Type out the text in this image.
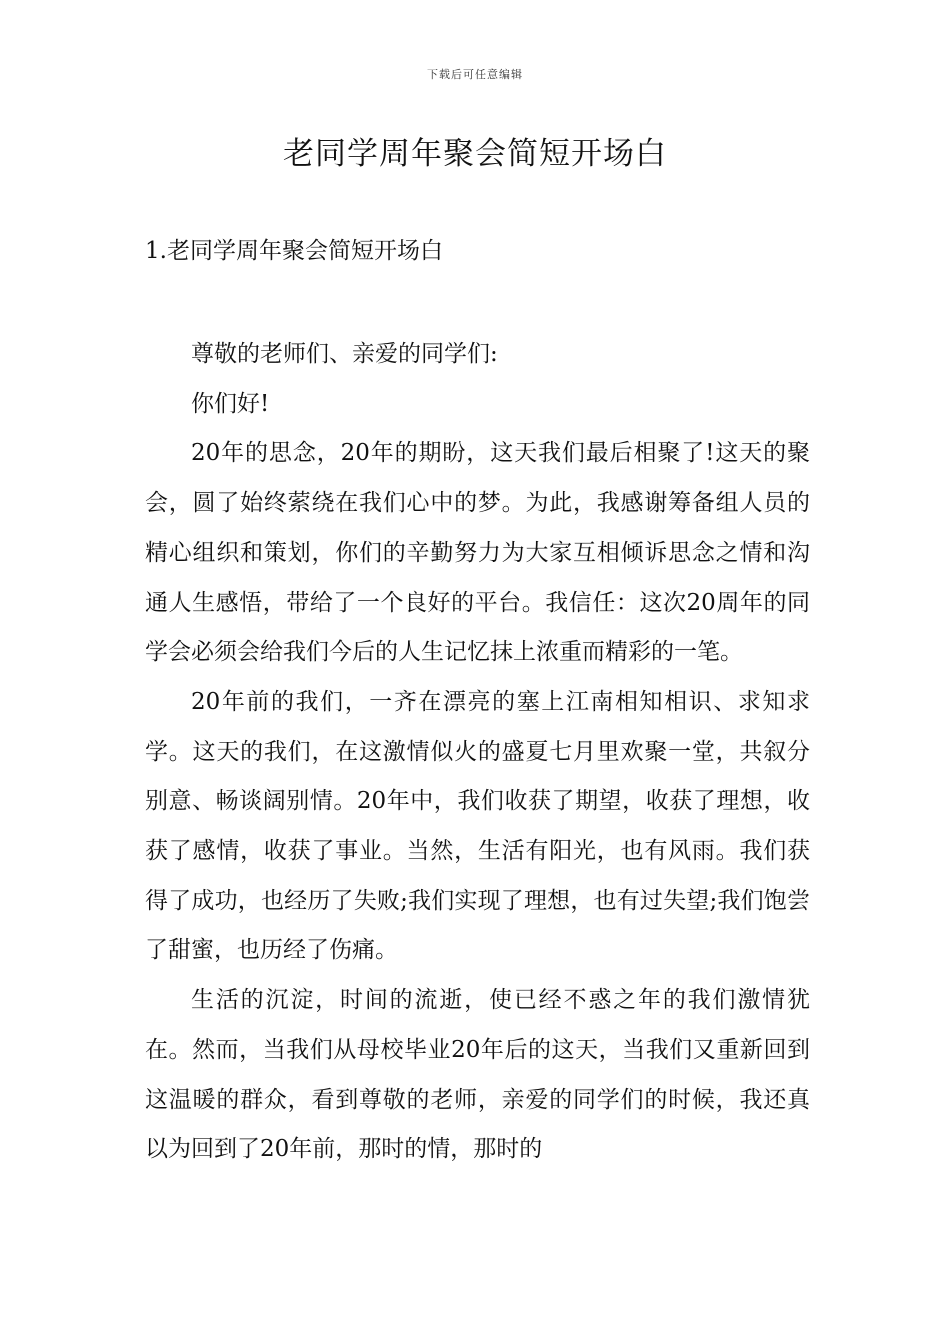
下载后可任意编辑
老同学周年聚会简短开场白
1.老同学周年聚会简短开场白

尊敬的老师们、亲爱的同学们:

你们好!

20年的思念，20年的期盼，这天我们最后相聚了!这天的聚会，圆了始终萦绕在我们心中的梦。为此，我感谢筹备组人员的精心组织和策划，你们的辛勤努力为大家互相倾诉思念之情和沟通人生感悟，带给了一个良好的平台。我信任：这次20周年的同学会必须会给我们今后的人生记忆抹上浓重而精彩的一笔。

20年前的我们，一齐在漂亮的塞上江南相知相识、求知求学。这天的我们，在这激情似火的盛夏七月里欢聚一堂，共叙分别意、畅谈阔别情。20年中，我们收获了期望，收获了理想，收获了感情，收获了事业。当然，生活有阳光，也有风雨。我们获得了成功，也经历了失败;我们实现了理想，也有过失望;我们饱尝了甜蜜，也历经了伤痛。

生活的沉淀，时间的流逝，使已经不惑之年的我们激情犹在。然而，当我们从母校毕业20年后的这天，当我们又重新回到这温暖的群众，看到尊敬的老师，亲爱的同学们的时候，我还真以为回到了20年前，那时的情，那时的
